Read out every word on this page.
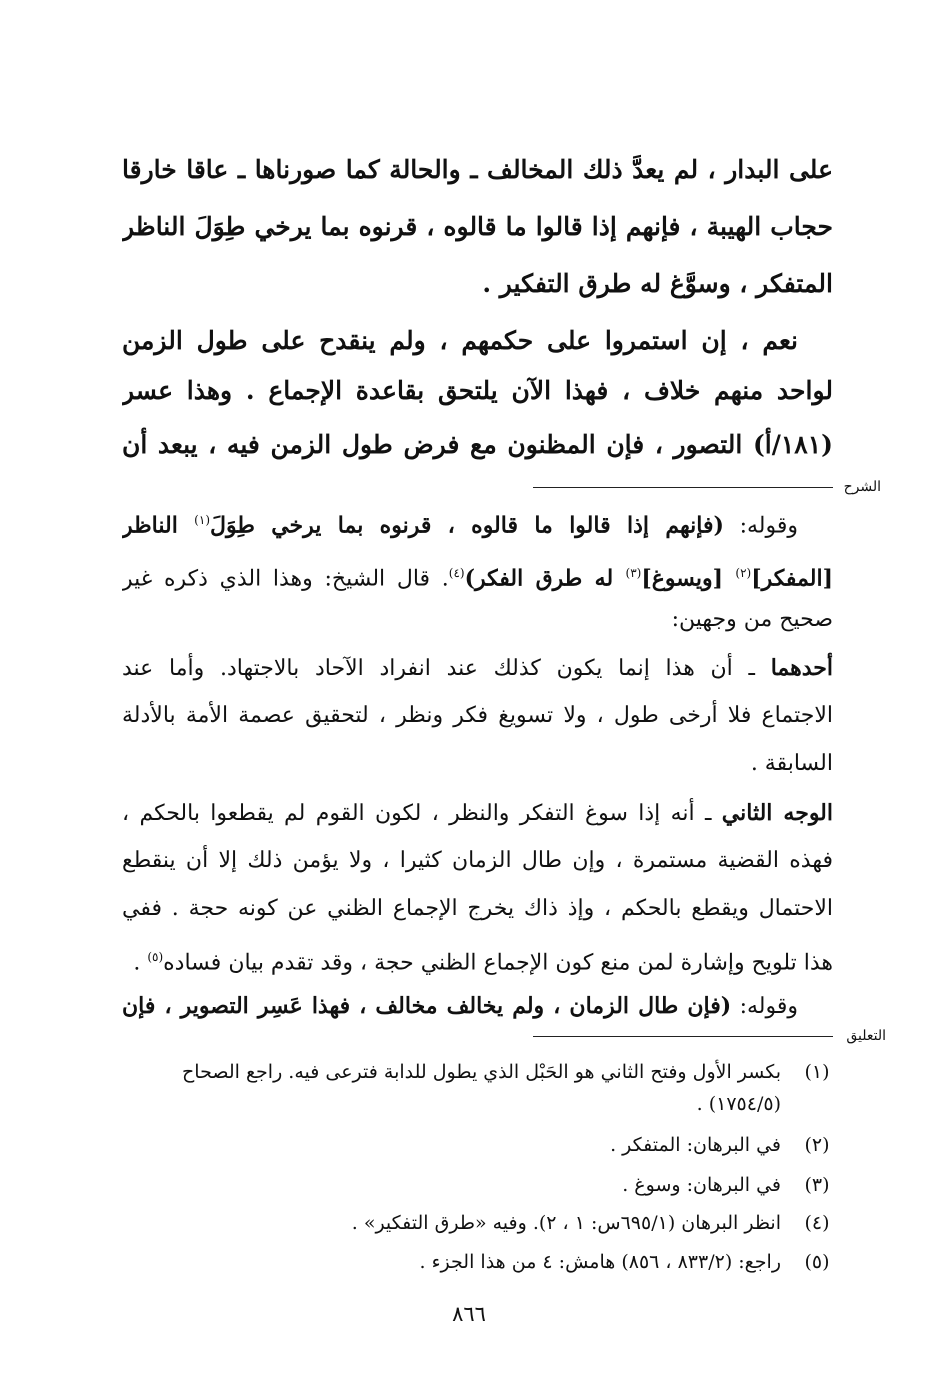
على البدار ، لم يعدَّ ذلك المخالف ـ والحالة كما صورناها ـ عاقا خارقا
حجاب الهيبة ، فإنهم إذا قالوا ما قالوه ، قرنوه بما يرخي طِوَلَ الناظر
المتفكر ، وسوَّغ له طرق التفكير .
نعم ، إن استمروا على حكمهم ، ولم ينقدح على طول الزمن
لواحد منهم خلاف ، فهذا الآن يلتحق بقاعدة الإجماع . وهذا عسر
(١٨١/أ) التصور ، فإن المظنون مع فرض طول الزمن فيه ، يبعد أن
الشرح
وقوله: (فإنهم إذا قالوا ما قالوه ، قرنوه بما يرخي طِوَلَ$^{(١)}$ الناظر
[المفكر]$^{(٢)}$ [ويسوغ]$^{(٣)}$ له طرق الفكر)$^{(٤)}$. قال الشيخ: وهذا الذي ذكره غير
صحيح من وجهين:
أحدهما ـ أن هذا إنما يكون كذلك عند انفراد الآحاد بالاجتهاد. وأما عند
الاجتماع فلا أرخى طول ، ولا تسويغ فكر ونظر ، لتحقيق عصمة الأمة بالأدلة
السابقة .
الوجه الثاني ـ أنه إذا سوغ التفكر والنظر ، لكون القوم لم يقطعوا بالحكم ،
فهذه القضية مستمرة ، وإن طال الزمان كثيرا ، ولا يؤمن ذلك إلا أن ينقطع
الاحتمال ويقطع بالحكم ، وإذ ذاك يخرج الإجماع الظني عن كونه حجة . ففي
هذا تلويح وإشارة لمن منع كون الإجماع الظني حجة ، وقد تقدم بيان فساده$^{(٥)}$ .
وقوله: (فإن طال الزمان ، ولم يخالف مخالف ، فهذا عَسِر التصوير ، فإن
التعليق
(١)
بكسر الأول وفتح الثاني هو الحَبْل الذي يطول للدابة فترعى فيه. راجع الصحاح
(١٧٥٤/٥) .
(٢)
في البرهان: المتفكر .
(٣)
في البرهان: وسوغ .
(٤)
انظر البرهان (٦٩٥/١س: ١ ، ٢). وفيه «طرق التفكير» .
(٥)
راجع: (٨٣٣/٢ ، ٨٥٦) هامش: ٤ من هذا الجزء .
٨٦٦
